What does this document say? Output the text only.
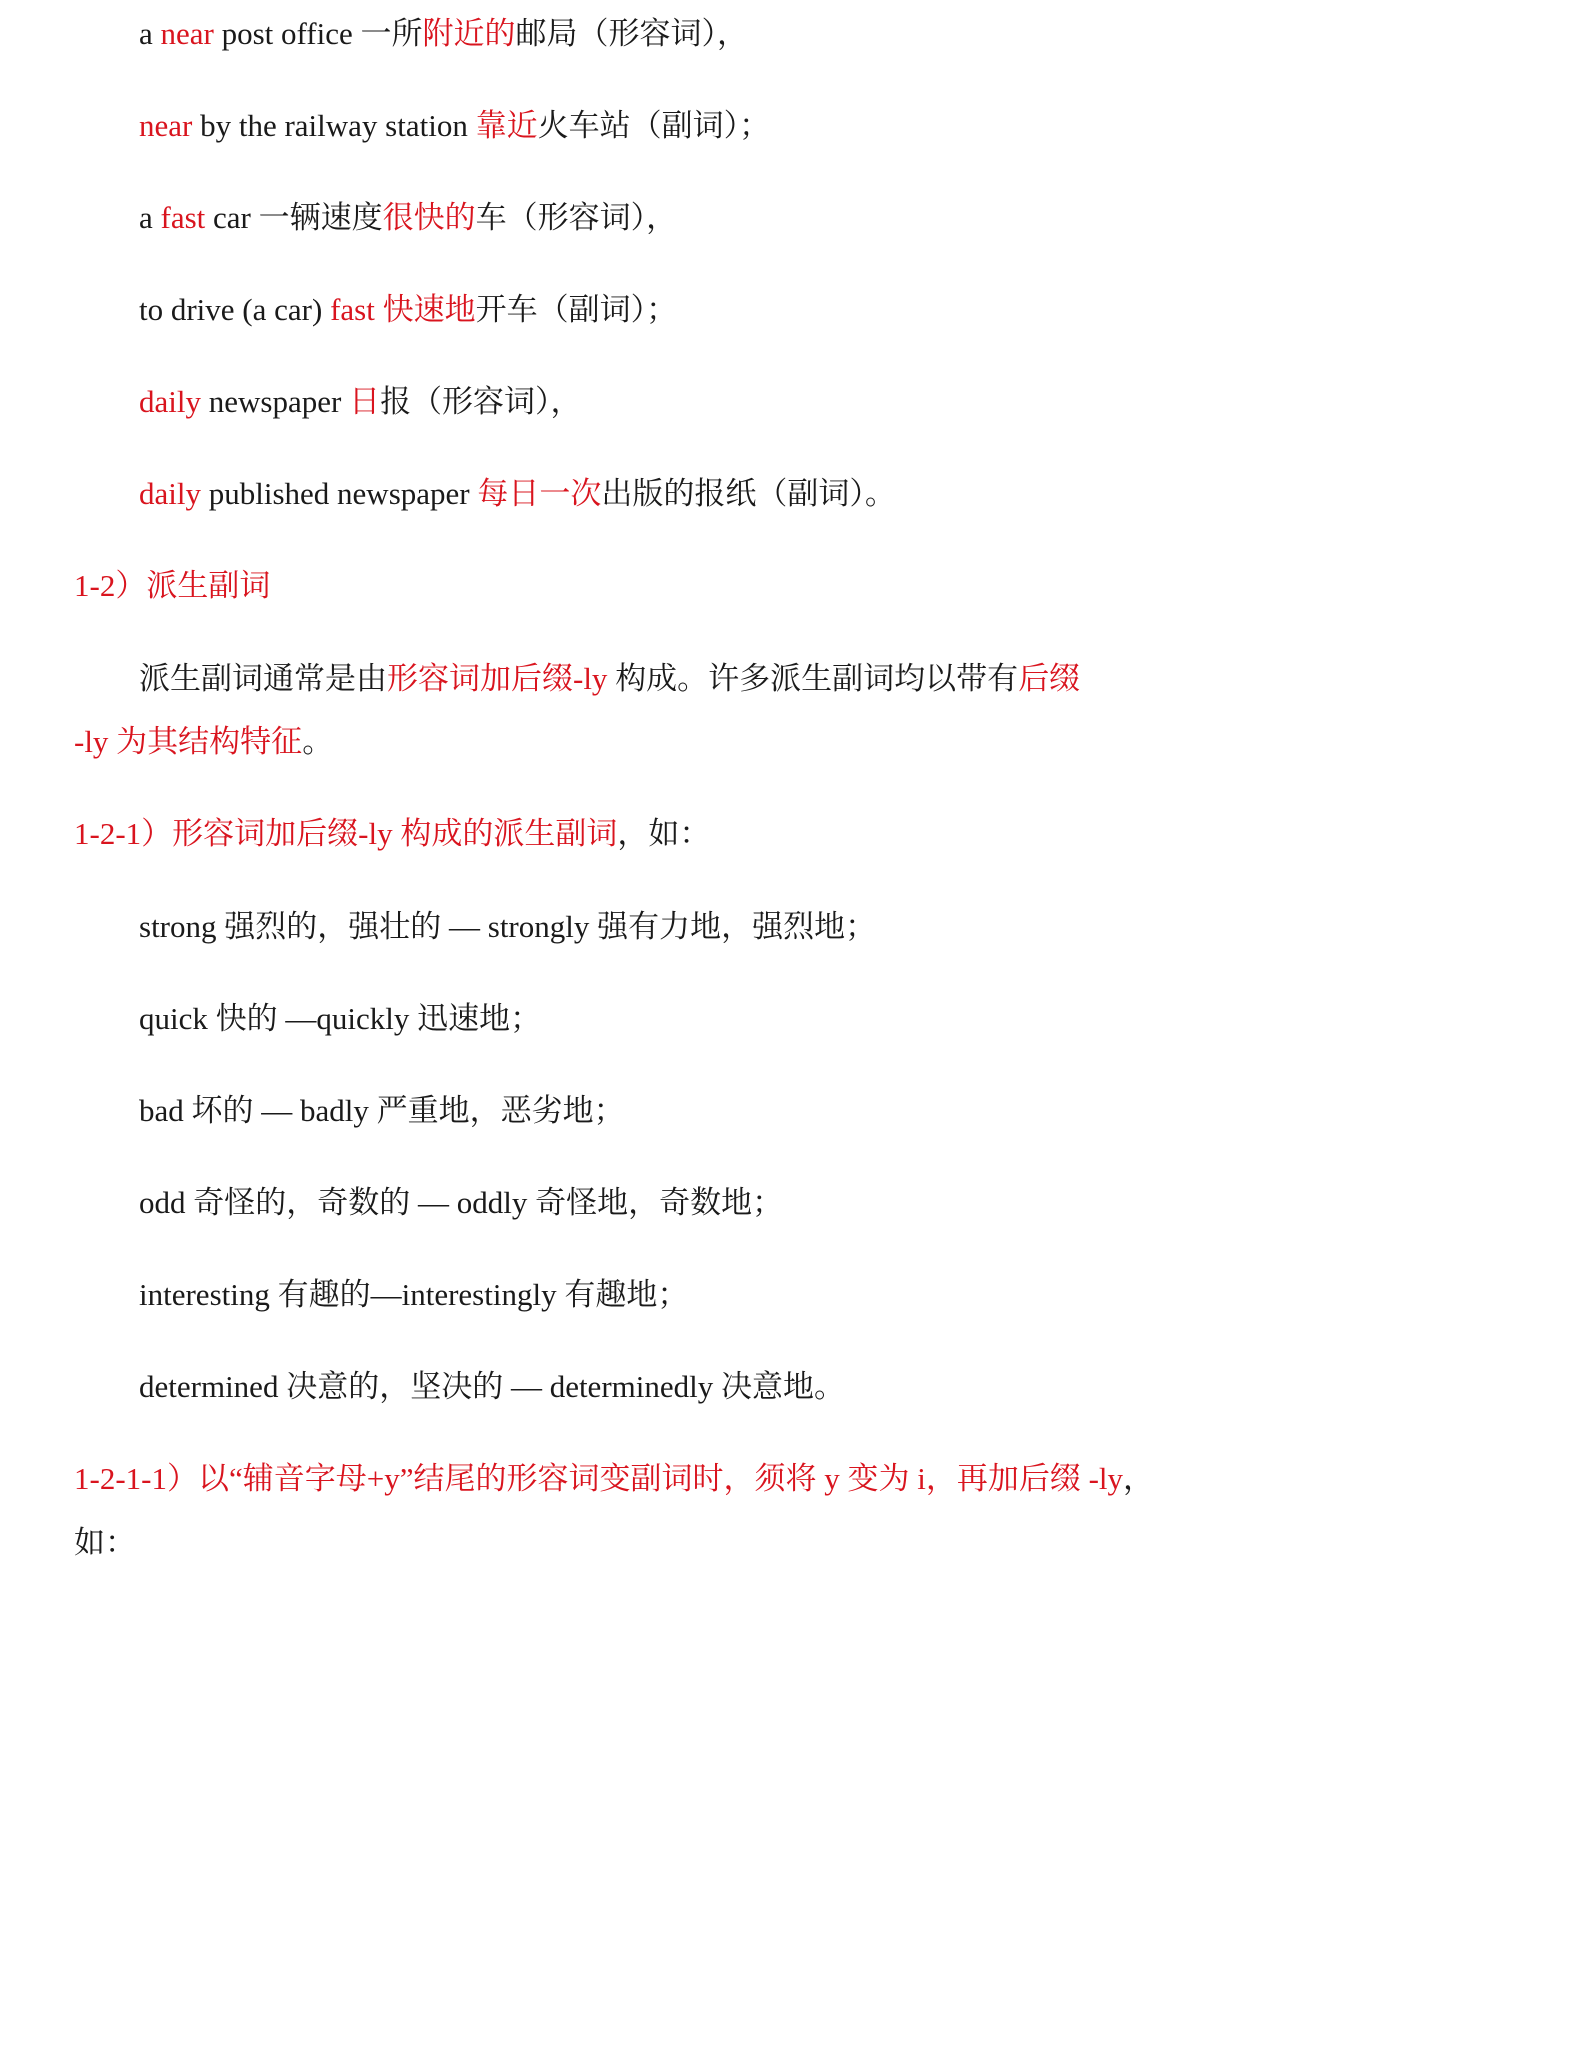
a near post office 一所附近的邮局（形容词），
near by the railway station 靠近火车站（副词）；
a fast car 一辆速度很快的车（形容词），
to drive (a car) fast 快速地开车（副词）；
daily newspaper 日报（形容词），
daily published newspaper 每日一次出版的报纸（副词）。
1-2）派生副词
派生副词通常是由形容词加后缀-ly 构成。许多派生副词均以带有后缀
-ly 为其结构特征。
1-2-1）形容词加后缀-ly 构成的派生副词，如：
strong 强烈的，强壮的 — strongly 强有力地，强烈地；
quick 快的 —quickly 迅速地；
bad 坏的 — badly 严重地，恶劣地；
odd 奇怪的，奇数的 — oddly 奇怪地，奇数地；
interesting 有趣的—interestingly 有趣地；
determined 决意的，坚决的 — determinedly 决意地。
1-2-1-1）以“辅音字母+y”结尾的形容词变副词时，须将 y 变为 i，再加后缀 -ly，
如：
